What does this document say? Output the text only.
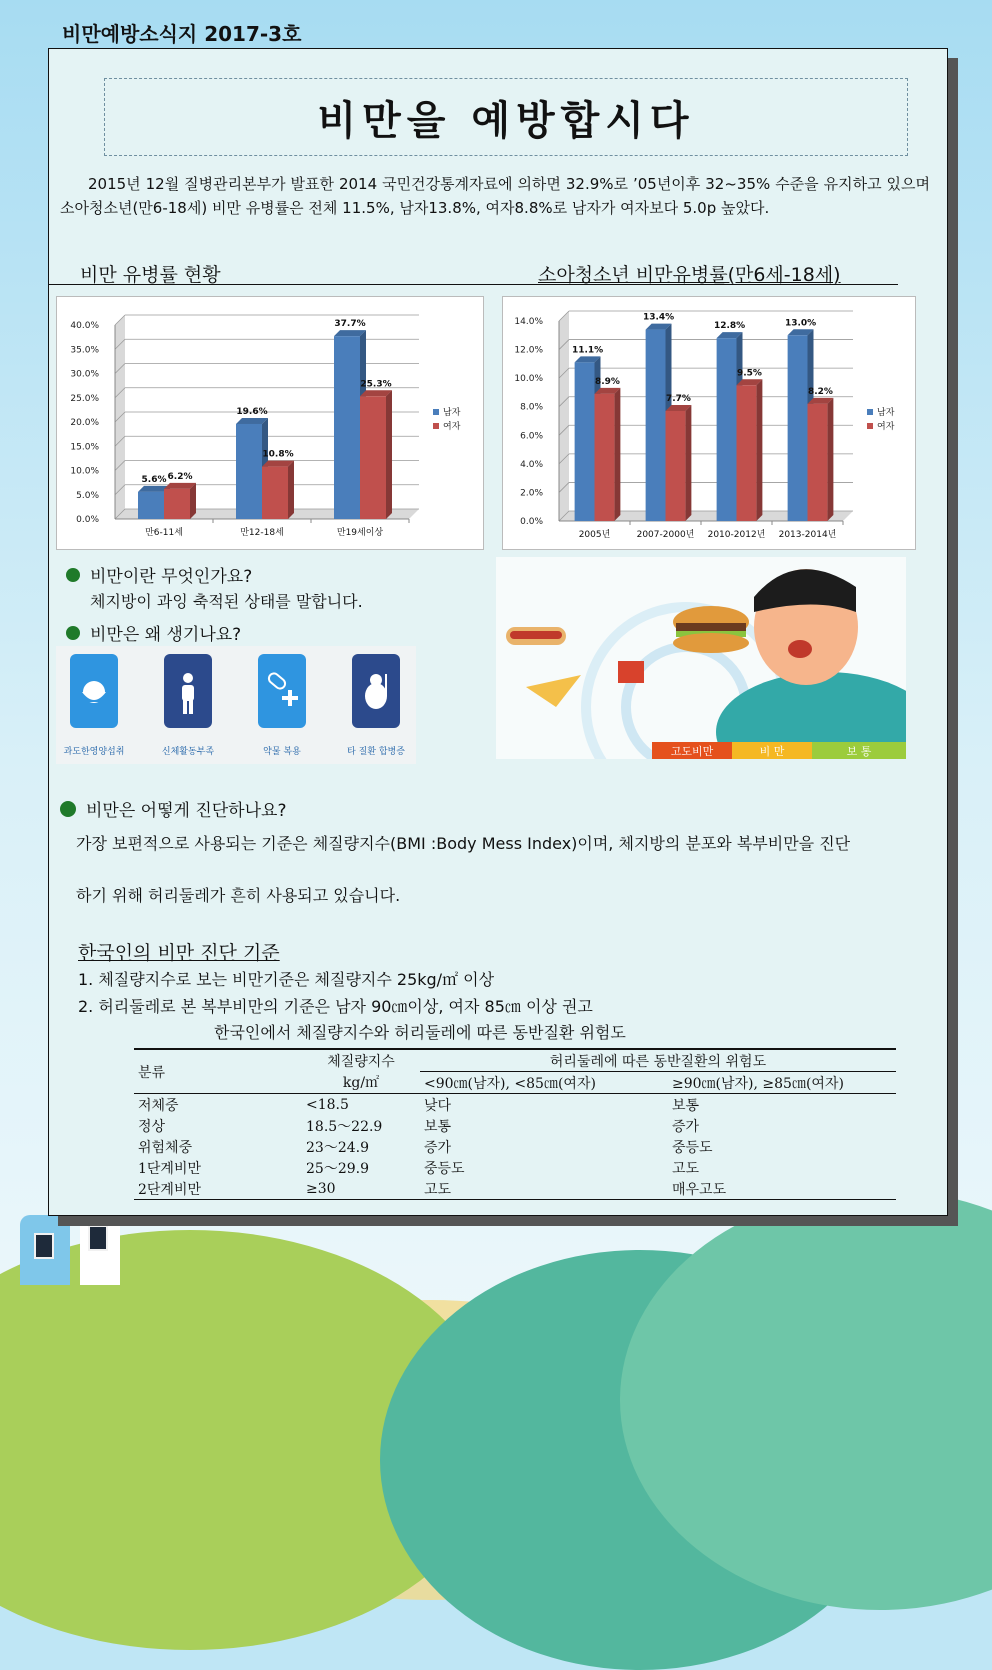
비만예방소식지 2017-3호
비만을 예방합시다
2015년 12월 질병관리본부가 발표한 2014 국민건강통계자료에 의하면 32.9%로 ’05년이후 32~35% 수준을 유지하고 있으며 소아청소년(만6-18세) 비만 유병률은 전체 11.5%, 남자13.8%, 여자8.8%로 남자가 여자보다 5.0p 높았다.
비만 유병률 현황	소아청소년 비만유병률(만6세-18세)
0.0%
5.0%
10.0%
15.0%
20.0%
25.0%
30.0%
35.0%
40.0%
5.6% 6.2%
만6-11세
19.6%
10.8%
만12-18세
37.7%
25.3%
만19세이상
남자
여자
0.0%
2.0%
4.0%
6.0%
8.0%
10.0%
12.0%
14.0%
11.1%
8.9%
2005년
13.4%
7.7%
2007-2000년
12.8%
9.5%
2010-2012년
13.0%
8.2%
2013-2014년
남자
여자
비만이란 무엇인가요?
체지방이 과잉 축적된 상태를 말합니다.
비만은 왜 생기나요?
과도한영양섭취	신체활동부족	약물 복용	타 질환 합병증	고도비만	비 만	보 통
비만은 어떻게 진단하나요?
가장 보편적으로 사용되는 기준은 체질량지수(BMI :Body Mess Index)이며, 체지방의 분포와 복부비만을 진단
하기 위해 허리둘레가 흔히 사용되고 있습니다.
한국인의 비만 진단 기준
1. 체질량지수로 보는 비만기준은 체질량지수 25kg/㎡ 이상
2. 허리둘레로 본 복부비만의 기준은 남자 90㎝이상, 여자 85㎝ 이상 권고
한국인에서 체질량지수와 허리둘레에 따른 동반질환 위험도
분류	체질량지수	허리둘레에 따른 동반질환의 위험도	
	kg/㎡	<90㎝(남자), <85㎝(여자)	≥90㎝(남자), ≥85㎝(여자)
저체중	<18.5	낮다	보통
정상	18.5～22.9	보통	증가
위험체중	23～24.9	증가	중등도
1단계비만	25～29.9	중등도	고도
2단계비만	≥30	고도	매우고도
